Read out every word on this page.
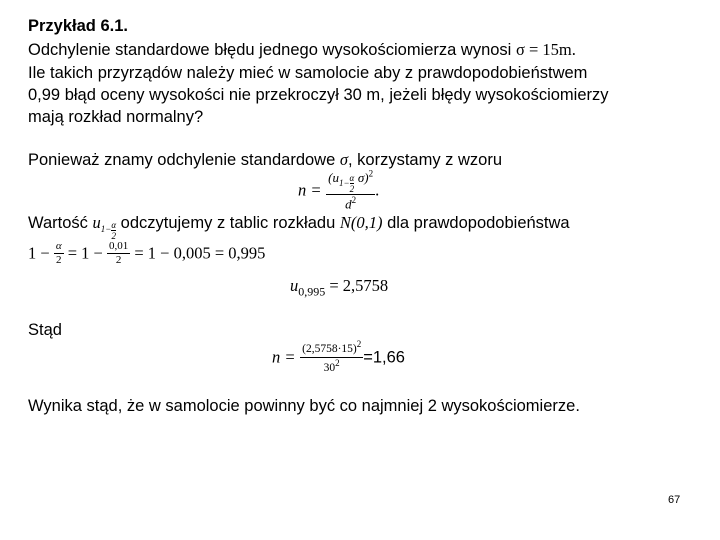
Przykład 6.1.
Odchylenie standardowe błędu jednego wysokościomierza wynosi σ = 15m.
Ile takich przyrządów należy mieć w samolocie aby z prawdopodobieństwem
0,99 błąd oceny wysokości nie przekroczył 30 m, jeżeli błędy wysokościomierzy
mają rozkład normalny?
Ponieważ znamy odchylenie standardowe σ, korzystamy z wzoru
$n = (u_{1- \frac{\alpha}{2}}$ σ)$^2$
$d^2$ .
Wartość $u_{1- \frac{\alpha}{2}}$ odczytujemy z tablic rozkładu N(0,1) dla prawdopodobieństwa
$1 - \frac{\alpha}{2} = 1 - \frac{0,01}{2} = 1 - 0,005 = 0,995$
$u_{0,995} = 2,5758$
Stąd
$n = \frac{(2,5758\cdot 15)^2}{30^2} =1,66$
Wynika stąd, że w samolocie powinny być co najmniej 2 wysokościomierze.
67
